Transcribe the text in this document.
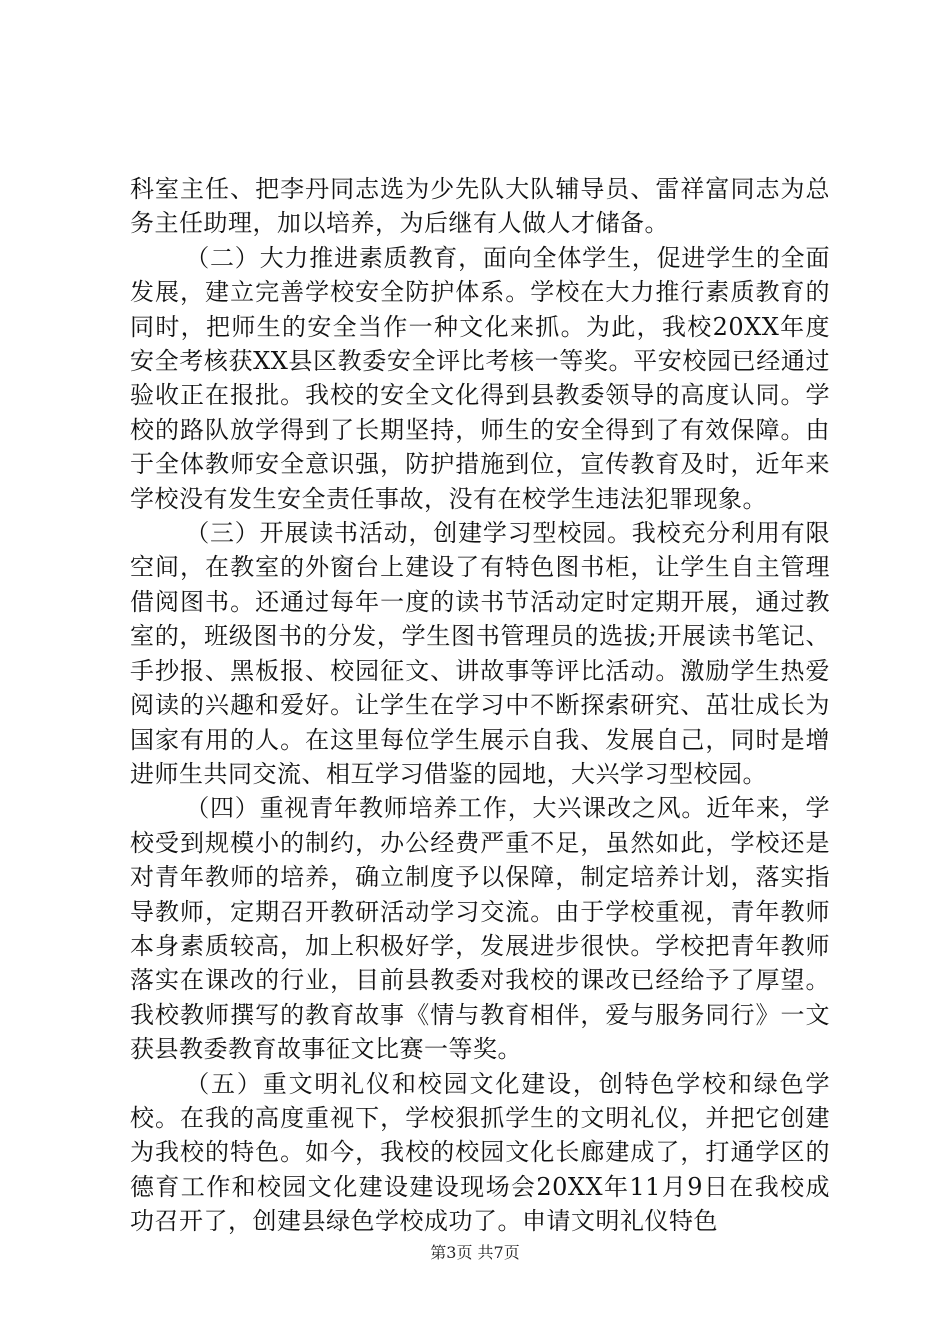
科室主任、把李丹同志选为少先队大队辅导员、雷祥富同志为总务主任助理，加以培养，为后继有人做人才储备。

（二）大力推进素质教育，面向全体学生，促进学生的全面发展，建立完善学校安全防护体系。学校在大力推行素质教育的同时，把师生的安全当作一种文化来抓。为此，我校20XX年度安全考核获XX县区教委安全评比考核一等奖。平安校园已经通过验收正在报批。我校的安全文化得到县教委领导的高度认同。学校的路队放学得到了长期坚持，师生的安全得到了有效保障。由于全体教师安全意识强，防护措施到位，宣传教育及时，近年来学校没有发生安全责任事故，没有在校学生违法犯罪现象。

（三）开展读书活动，创建学习型校园。我校充分利用有限空间，在教室的外窗台上建设了有特色图书柜，让学生自主管理借阅图书。还通过每年一度的读书节活动定时定期开展，通过教室的，班级图书的分发，学生图书管理员的选拔;开展读书笔记、手抄报、黑板报、校园征文、讲故事等评比活动。激励学生热爱阅读的兴趣和爱好。让学生在学习中不断探索研究、茁壮成长为国家有用的人。在这里每位学生展示自我、发展自己，同时是增进师生共同交流、相互学习借鉴的园地，大兴学习型校园。

（四）重视青年教师培养工作，大兴课改之风。近年来，学校受到规模小的制约，办公经费严重不足，虽然如此，学校还是对青年教师的培养，确立制度予以保障，制定培养计划，落实指导教师，定期召开教研活动学习交流。由于学校重视，青年教师本身素质较高，加上积极好学，发展进步很快。学校把青年教师落实在课改的行业，目前县教委对我校的课改已经给予了厚望。我校教师撰写的教育故事《情与教育相伴，爱与服务同行》一文获县教委教育故事征文比赛一等奖。

（五）重文明礼仪和校园文化建设，创特色学校和绿色学校。在我的高度重视下，学校狠抓学生的文明礼仪，并把它创建为我校的特色。如今，我校的校园文化长廊建成了，打通学区的德育工作和校园文化建设建设现场会20XX年11月9日在我校成功召开了，创建县绿色学校成功了。申请文明礼仪特色

第3页 共7页
